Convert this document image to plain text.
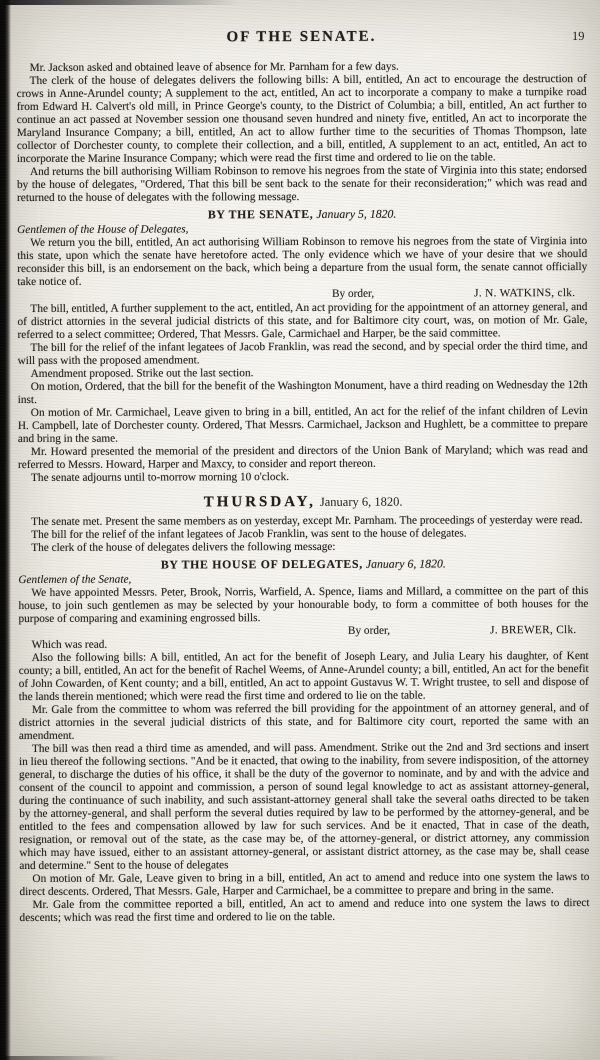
OF THE SENATE.	19

Mr. Jackson asked and obtained leave of absence for Mr. Parnham for a few days.

The clerk of the house of delegates delivers the following bills: A bill, entitled, An act to encourage the destruction of crows in Anne-Arundel county; A supplement to the act, entitled, An act to incorporate a company to make a turnpike road from Edward H. Calvert's old mill, in Prince George's county, to the District of Columbia; a bill, entitled, An act further to continue an act passed at November session one thousand seven hundred and ninety five, entitled, An act to incorporate the Maryland Insurance Company; a bill, entitled, An act to allow further time to the securities of Thomas Thompson, late collector of Dorchester county, to complete their collection, and a bill, entitled, A supplement to an act, entitled, An act to incorporate the Marine Insurance Company; which were read the first time and ordered to lie on the table.

And returns the bill authorising William Robinson to remove his negroes from the state of Virginia into this state; endorsed by the house of delegates, "Ordered, That this bill be sent back to the senate for their reconsideration;" which was read and returned to the house of delegates with the following message.

BY THE SENATE, January 5, 1820.

Gentlemen of the House of Delegates,

We return you the bill, entitled, An act authorising William Robinson to remove his negroes from the state of Virginia into this state, upon which the senate have heretofore acted. The only evidence which we have of your desire that we should reconsider this bill, is an endorsement on the back, which being a departure from the usual form, the senate cannot officially take notice of.

By order,	J. N. WATKINS, clk.

The bill, entitled, A further supplement to the act, entitled, An act providing for the appointment of an attorney general, and of district attornies in the several judicial districts of this state, and for Baltimore city court, was, on motion of Mr. Gale, referred to a select committee; Ordered, That Messrs. Gale, Carmichael and Harper, be the said committee.

The bill for the relief of the infant legatees of Jacob Franklin, was read the second, and by special order the third time, and will pass with the proposed amendment.

Amendment proposed. Strike out the last section.

On motion, Ordered, that the bill for the benefit of the Washington Monument, have a third reading on Wednesday the 12th inst.

On motion of Mr. Carmichael, Leave given to bring in a bill, entitled, An act for the relief of the infant children of Levin H. Campbell, late of Dorchester county. Ordered, That Messrs. Carmichael, Jackson and Hughlett, be a committee to prepare and bring in the same.

Mr. Howard presented the memorial of the president and directors of the Union Bank of Maryland; which was read and referred to Messrs. Howard, Harper and Maxcy, to consider and report thereon.

The senate adjourns until to-morrow morning 10 o'clock.

THURSDAY, January 6, 1820.

The senate met. Present the same members as on yesterday, except Mr. Parnham. The proceedings of yesterday were read.

The bill for the relief of the infant legatees of Jacob Franklin, was sent to the house of delegates.

The clerk of the house of delegates delivers the following message:

BY THE HOUSE OF DELEGATES, January 6, 1820.

Gentlemen of the Senate,

We have appointed Messrs. Peter, Brook, Norris, Warfield, A. Spence, Iiams and Millard, a committee on the part of this house, to join such gentlemen as may be selected by your honourable body, to form a committee of both houses for the purpose of comparing and examining engrossed bills.

By order,	J. BREWER, Clk.

Which was read.

Also the following bills: A bill, entitled, An act for the benefit of Joseph Leary, and Julia Leary his daughter, of Kent county; a bill, entitled, An act for the benefit of Rachel Weems, of Anne-Arundel county; a bill, entitled, An act for the benefit of John Cowarden, of Kent county; and a bill, entitled, An act to appoint Gustavus W. T. Wright trustee, to sell and dispose of the lands therein mentioned; which were read the first time and ordered to lie on the table.

Mr. Gale from the committee to whom was referred the bill providing for the appointment of an attorney general, and of district attornies in the several judicial districts of this state, and for Baltimore city court, reported the same with an amendment.

The bill was then read a third time as amended, and will pass. Amendment. Strike out the 2nd and 3rd sections and insert in lieu thereof the following sections. "And be it enacted, that owing to the inability, from severe indisposition, of the attorney general, to discharge the duties of his office, it shall be the duty of the governor to nominate, and by and with the advice and consent of the council to appoint and commission, a person of sound legal knowledge to act as assistant attorney-general, during the continuance of such inability, and such assistant-attorney general shall take the several oaths directed to be taken by the attorney-general, and shall perform the several duties required by law to be performed by the attorney-general, and be entitled to the fees and compensation allowed by law for such services. And be it enacted, That in case of the death, resignation, or removal out of the state, as the case may be, of the attorney-general, or district attorney, any commission which may have issued, either to an assistant attorney-general, or assistant district attorney, as the case may be, shall cease and determine." Sent to the house of delegates

On motion of Mr. Gale, Leave given to bring in a bill, entitled, An act to amend and reduce into one system the laws to direct descents. Ordered, That Messrs. Gale, Harper and Carmichael, be a committee to prepare and bring in the same.

Mr. Gale from the committee reported a bill, entitled, An act to amend and reduce into one system the laws to direct descents; which was read the first time and ordered to lie on the table.
